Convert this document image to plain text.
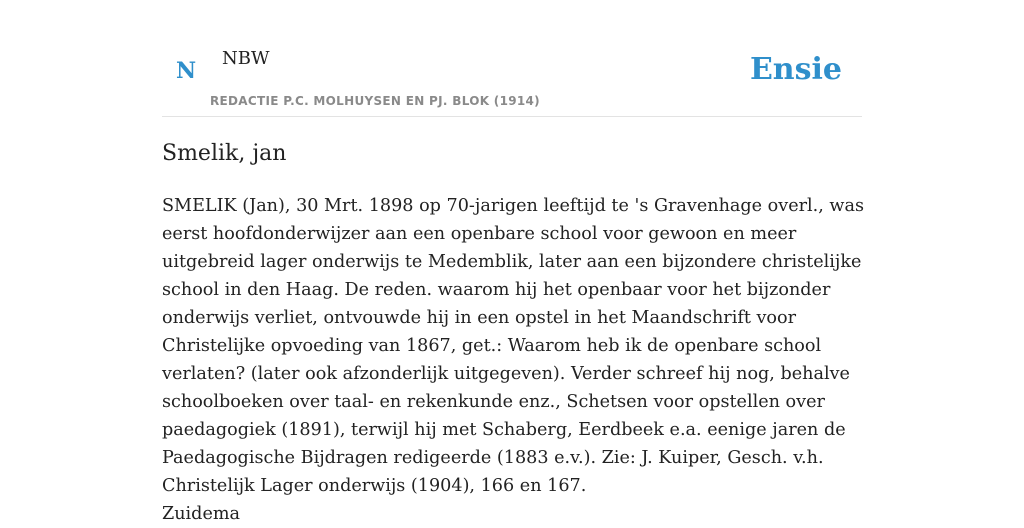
N NBW
REDACTIE P.C. MOLHUYSEN EN PJ. BLOK (1914)
Ensie
Smelik, jan

SMELIK (Jan), 30 Mrt. 1898 op 70-jarigen leeftijd te 's Gravenhage overl., was eerst hoofdonderwijzer aan een openbare school voor gewoon en meer uitgebreid lager onderwijs te Medemblik, later aan een bijzondere christelijke school in den Haag. De reden. waarom hij het openbaar voor het bijzonder onderwijs verliet, ontvouwde hij in een opstel in het Maandschrift voor Christelijke opvoeding van 1867, get.: Waarom heb ik de openbare school verlaten? (later ook afzonderlijk uitgegeven). Verder schreef hij nog, behalve schoolboeken over taal- en rekenkunde enz., Schetsen voor opstellen over paedagogiek (1891), terwijl hij met Schaberg, Eerdbeek e.a. eenige jaren de Paedagogische Bijdragen redigeerde (1883 e.v.). Zie: J. Kuiper, Gesch. v.h. Christelijk Lager onderwijs (1904), 166 en 167.

Zuidema
